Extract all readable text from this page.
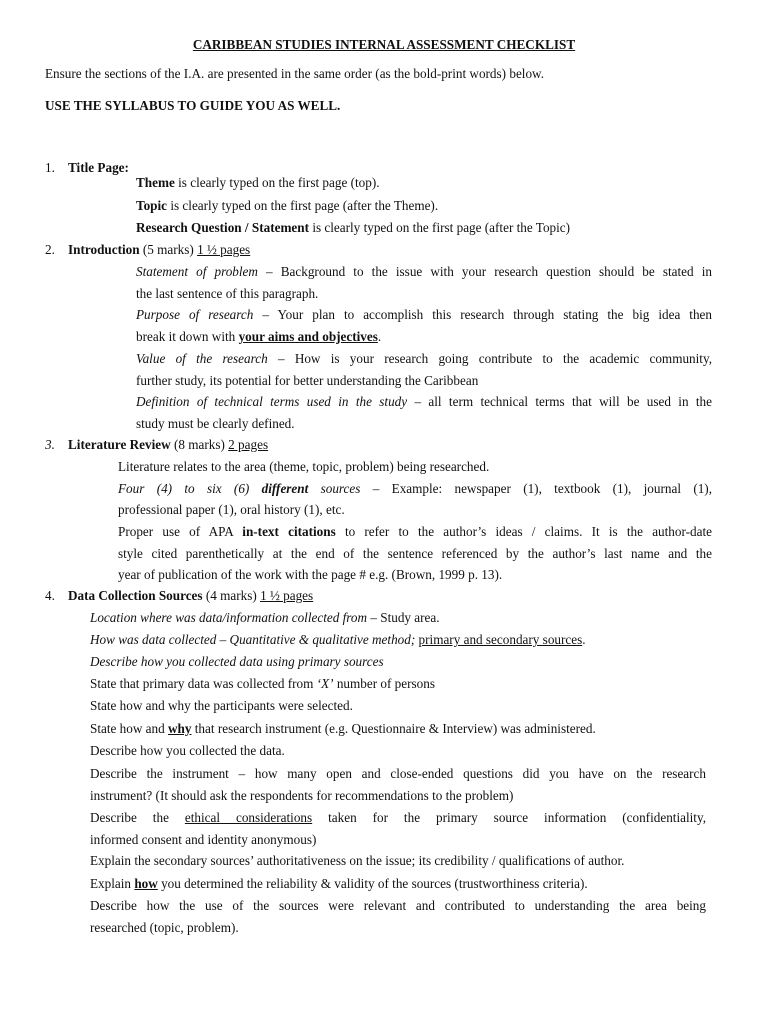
CARIBBEAN STUDIES INTERNAL ASSESSMENT CHECKLIST
Ensure the sections of the I.A. are presented in the same order (as the bold-print words) below.
USE THE SYLLABUS TO GUIDE YOU AS WELL.
1. Title Page:
Theme is clearly typed on the first page (top).
Topic is clearly typed on the first page (after the Theme).
Research Question / Statement is clearly typed on the first page (after the Topic)
2. Introduction (5 marks) 1 ½ pages
Statement of problem – Background to the issue with your research question should be stated in
the last sentence of this paragraph.
Purpose of research – Your plan to accomplish this research through stating the big idea then
break it down with your aims and objectives.
Value of the research – How is your research going contribute to the academic community,
further study, its potential for better understanding the Caribbean
Definition of technical terms used in the study – all term technical terms that will be used in the
study must be clearly defined.
3. Literature Review (8 marks) 2 pages
Literature relates to the area (theme, topic, problem) being researched.
Four (4) to six (6) different sources – Example: newspaper (1), textbook (1), journal (1),
professional paper (1), oral history (1), etc.
Proper use of APA in-text citations to refer to the author’s ideas / claims. It is the author-date
style cited parenthetically at the end of the sentence referenced by the author’s last name and the
year of publication of the work with the page # e.g. (Brown, 1999 p. 13).
4. Data Collection Sources (4 marks) 1 ½ pages
Location where was data/information collected from – Study area.
How was data collected – Quantitative & qualitative method; primary and secondary sources.
Describe how you collected data using primary sources
State that primary data was collected from ‘X’ number of persons
State how and why the participants were selected.
State how and why that research instrument (e.g. Questionnaire & Interview) was administered.
Describe how you collected the data.
Describe the instrument – how many open and close-ended questions did you have on the research
instrument? (It should ask the respondents for recommendations to the problem)
Describe the ethical considerations taken for the primary source information (confidentiality,
informed consent and identity anonymous)
Explain the secondary sources’ authoritativeness on the issue; its credibility / qualifications of author.
Explain how you determined the reliability & validity of the sources (trustworthiness criteria).
Describe how the use of the sources were relevant and contributed to understanding the area being
researched (topic, problem).
